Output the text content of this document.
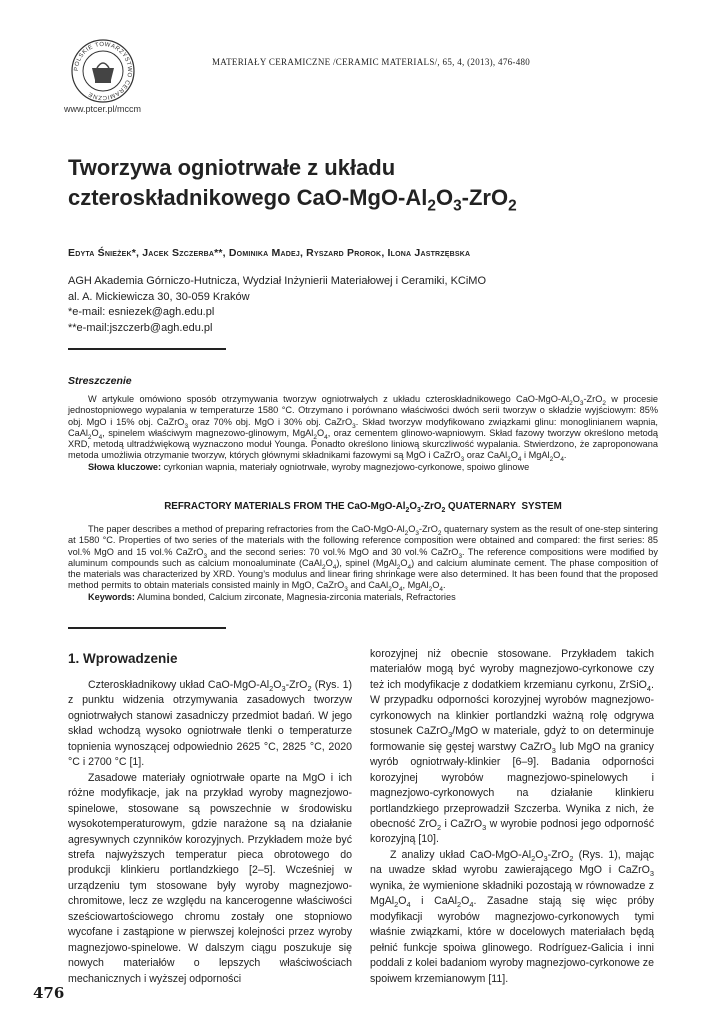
POLSKIE TOWARZYSTWO CERAMICZNE
www.ptcer.pl/mccm
MATERIAŁY CERAMICZNE /CERAMIC MATERIALS/, 65, 4, (2013), 476-480
Tworzywa ogniotrwałe z układu
czteroskładnikowego CaO-$MgO-Al_2O_3-ZrO_2$
Edyta Śnieżek*, Jacek Szczerba**, Dominika Madej, Ryszard Prorok, Ilona Jastrzębska
AGH Akademia Górniczo-Hutnicza, Wydział Inżynierii Materiałowej i Ceramiki, KCiMO
al. A. Mickiewicza 30, 30-059 Kraków
*e-mail: esniezek@agh.edu.pl
**e-mail:jszczerb@agh.edu.pl
Streszczenie
W artykule omówiono sposób otrzymywania tworzyw ogniotrwałych z układu czteroskładnikowego CaO-$MgO-Al_2O_3-ZrO_2$ w procesie jednostopniowego wypalania w temperaturze 1580 °C. Otrzymano i porównano właściwości dwóch serii tworzyw o składzie wyjściowym: 85% obj. MgO i 15% obj. CaZrO$_3$ oraz 70% obj. MgO i 30% obj. CaZrO$_3$. Skład tworzyw modyfikowano związkami glinu: monoglinianem wapnia, $CaAl_2O_4$, spinelem właściwym magnezowo-glinowym, $MgAl_2O_4$, oraz cementem glinowo-wapniowym. Skład fazowy tworzyw określono metodą XRD, metodą ultradźwiękową wyznaczono moduł Younga. Ponadto określono liniową skurczliwość wypalania. Stwierdzono, że zaproponowana metoda umożliwia otrzymanie tworzyw, których głównymi składnikami fazowymi są MgO i CaZrO$_3$ oraz $CaAl_2O_4$ i $MgAl_2O_4$.
Słowa kluczowe: cyrkonian wapnia, materiały ogniotrwałe, wyroby magnezjowo-cyrkonowe, spoiwo glinowe
REFRACTORY MATERIALS FROM THE CaO-$MgO-Al_2O_3-ZrO_2$ QUATERNARY  SYSTEM
The paper describes a method of preparing refractories from the CaO-$MgO-Al_2O_3-ZrO_2$ quaternary system as the result of one-step sintering at 1580 °C. Properties of two series of the materials with the following reference composition were obtained and compared: the first series: 85 vol.% MgO and 15 vol.% CaZrO$_3$ and the second series: 70 vol.% MgO and 30 vol.% CaZrO$_3$. The reference compositions were modified by aluminum compounds such as calcium monoaluminate $(CaAl_2O_4)$, spinel $(MgAl_2O_4)$ and calcium aluminate cement. The phase composition of the materials was characterized by XRD. Young’s modulus and linear firing shrinkage were also determined. It has been found that the proposed method permits to obtain materials consisted mainly in MgO, CaZrO$_3$ and $CaAl_2O_4$, $MgAl_2O_4$.
Keywords: Alumina bonded, Calcium zirconate, Magnesia-zirconia materials, Refractories
1. Wprowadzenie

Czteroskładnikowy układ CaO-$MgO-Al_2O_3-ZrO_2$ (Rys. 1) z punktu widzenia otrzymywania zasadowych tworzyw ogniotrwałych stanowi zasadniczy przedmiot badań. W jego skład wchodzą wysoko ogniotrwałe tlenki o temperaturze topnienia wynoszącej odpowiednio 2625 °C, 2825 °C, 2020 °C i 2700 °C [1].

Zasadowe materiały ogniotrwałe oparte na MgO i ich różne modyfikacje, jak na przykład wyroby magnezjowo-spinelowe, stosowane są powszechnie w środowisku wysokotemperaturowym, gdzie narażone są na działanie agresywnych czynników korozyjnych. Przykładem może być strefa najwyższych temperatur pieca obrotowego do produkcji klinkieru portlandzkiego [2–5]. Wcześniej w urządzeniu tym stosowane były wyroby magnezjowo-chromitowe, lecz ze względu na kancerogenne właściwości sześciowartościowego chromu zostały one stopniowo wycofane i zastąpione w pierwszej kolejności przez wyroby magnezjowo-spinelowe. W dalszym ciągu poszukuje się nowych materiałów o lepszych właściwościach mechanicznych i wyższej odporności

korozyjnej niż obecnie stosowane. Przykładem takich materiałów mogą być wyroby magnezjowo-cyrkonowe czy też ich modyfikacje z dodatkiem krzemianu cyrkonu, ZrSiO$_4$. W przypadku odporności korozyjnej wyrobów magnezjowo-cyrkonowych na klinkier portlandzki ważną rolę odgrywa stosunek CaZrO$_3$/MgO w materiale, gdyż to on determinuje formowanie się gęstej warstwy CaZrO$_3$ lub MgO na granicy wyrób ogniotrwały-klinkier [6–9]. Badania odporności korozyjnej wyrobów magnezjowo-spinelowych i magnezjowo-cyrkonowych na działanie klinkieru portlandzkiego przeprowadził Szczerba. Wynika z nich, że obecność ZrO$_2$ i CaZrO$_3$ w wyrobie podnosi jego odporność korozyjną [10].

Z analizy układ CaO-$MgO-Al_2O_3-ZrO_2$ (Rys. 1), mając na uwadze skład wyrobu zawierającego MgO i CaZrO$_3$ wynika, że wymienione składniki pozostają w równowadze z $MgAl_2O_4$ i $CaAl_2O_4$. Zasadne stają się więc próby modyfikacji wyrobów magnezjowo-cyrkonowych tymi właśnie związkami, które w docelowych materiałach będą pełnić funkcje spoiwa glinowego. Rodríguez-Galicia i inni poddali z kolei badaniom wyroby magnezjowo-cyrkonowe ze spoiwem krzemianowym [11].

476
